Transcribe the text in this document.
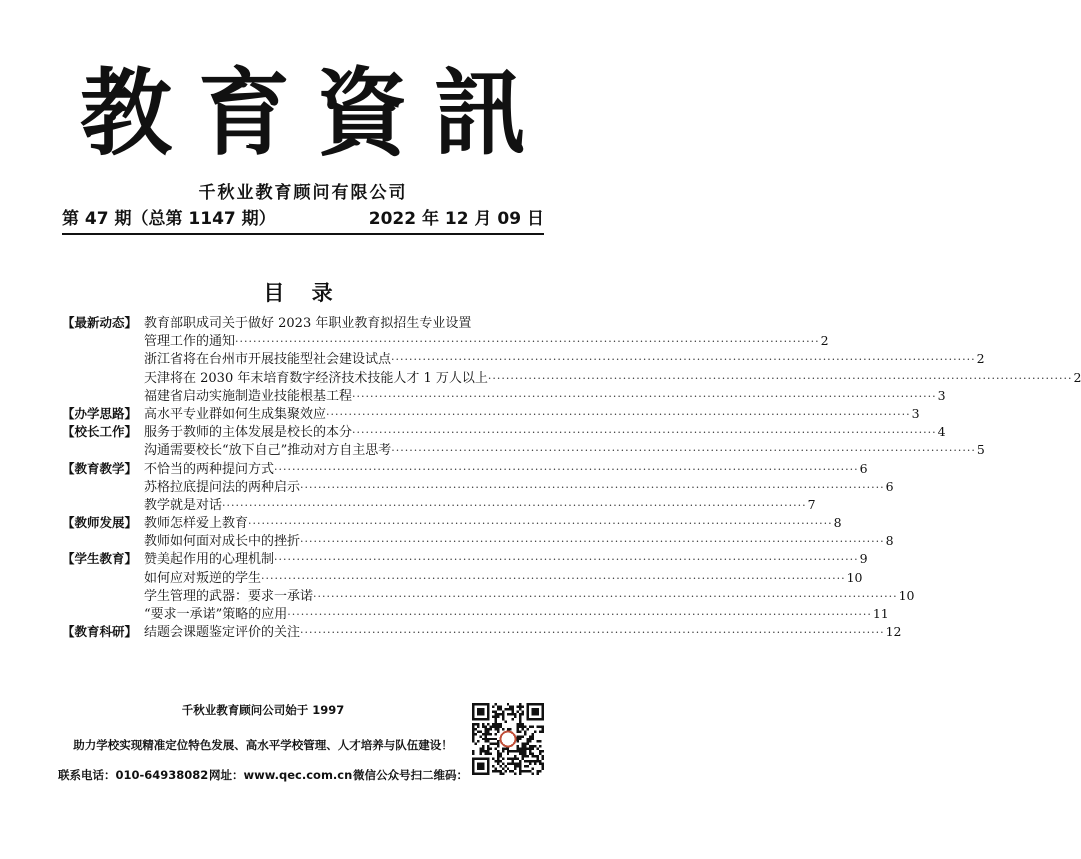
教 育 資 訊
千秋业教育顾问有限公司
第 47 期（总第 1147 期）	2022 年 12 月 09 日
目 录
【最新动态】 教育部职成司关于做好 2023 年职业教育拟招生专业设置
管理工作的通知 ·····	2
浙江省将在台州市开展技能型社会建设试点 ·····	2
天津将在 2030 年末培育数字经济技术技能人才 1 万人以上 ·····	2
福建省启动实施制造业技能根基工程 ·····	3
【办学思路】 高水平专业群如何生成集聚效应 ·····	3
【校长工作】 服务于教师的主体发展是校长的本分 ·····	4
沟通需要校长“放下自己”推动对方自主思考 ·····	5
【教育教学】 不恰当的两种提问方式 ·····	6
苏格拉底提问法的两种启示 ·····	6
教学就是对话 ·····	7
【教师发展】 教师怎样爱上教育 ·····	8
教师如何面对成长中的挫折 ·····	8
【学生教育】 赞美起作用的心理机制 ·····	9
如何应对叛逆的学生 ·····	10
学生管理的武器：要求一承诺 ·····	10
“要求一承诺”策略的应用 ·····	11
【教育科研】 结题会课题鉴定评价的关注 ·····	12
千秋业教育顾问公司始于 1997
助力学校实现精准定位特色发展、高水平学校管理、人才培养与队伍建设！
联系电话：010-64938082 网址：www.qec.com.cn 微信公众号扫二维码：
